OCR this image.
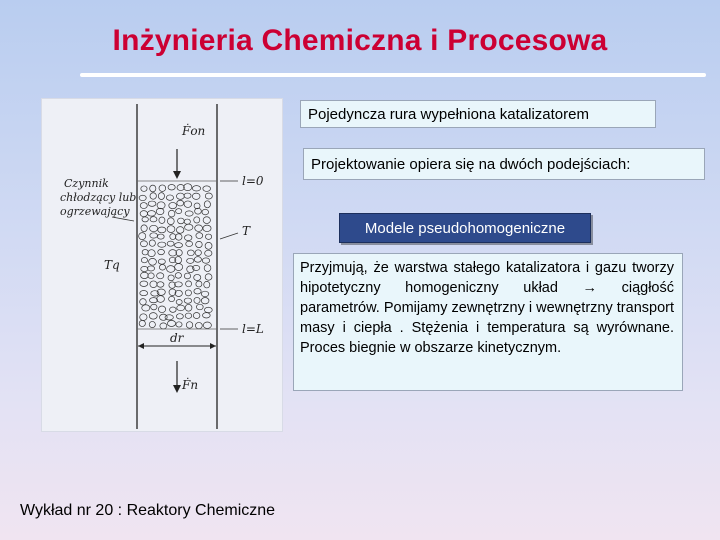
Inżynieria Chemiczna i Procesowa
Ḟon
Czynnik
chłodzący lub
ogrzewający
l=0
T
Tq
l=L
dr
Ḟn
Pojedyncza rura wypełniona katalizatorem
Projektowanie opiera się na dwóch podejściach:
Modele pseudohomogeniczne
Przyjmują, że warstwa stałego katalizatora i gazu tworzy hipotetyczny homogeniczny układ → ciągłość parametrów. Pomijamy zewnętrzny i wewnętrzny transport masy i ciepła . Stężenia i temperatura są wyrównane. Proces biegnie w obszarze kinetycznym.
Wykład nr 20 : Reaktory Chemiczne
